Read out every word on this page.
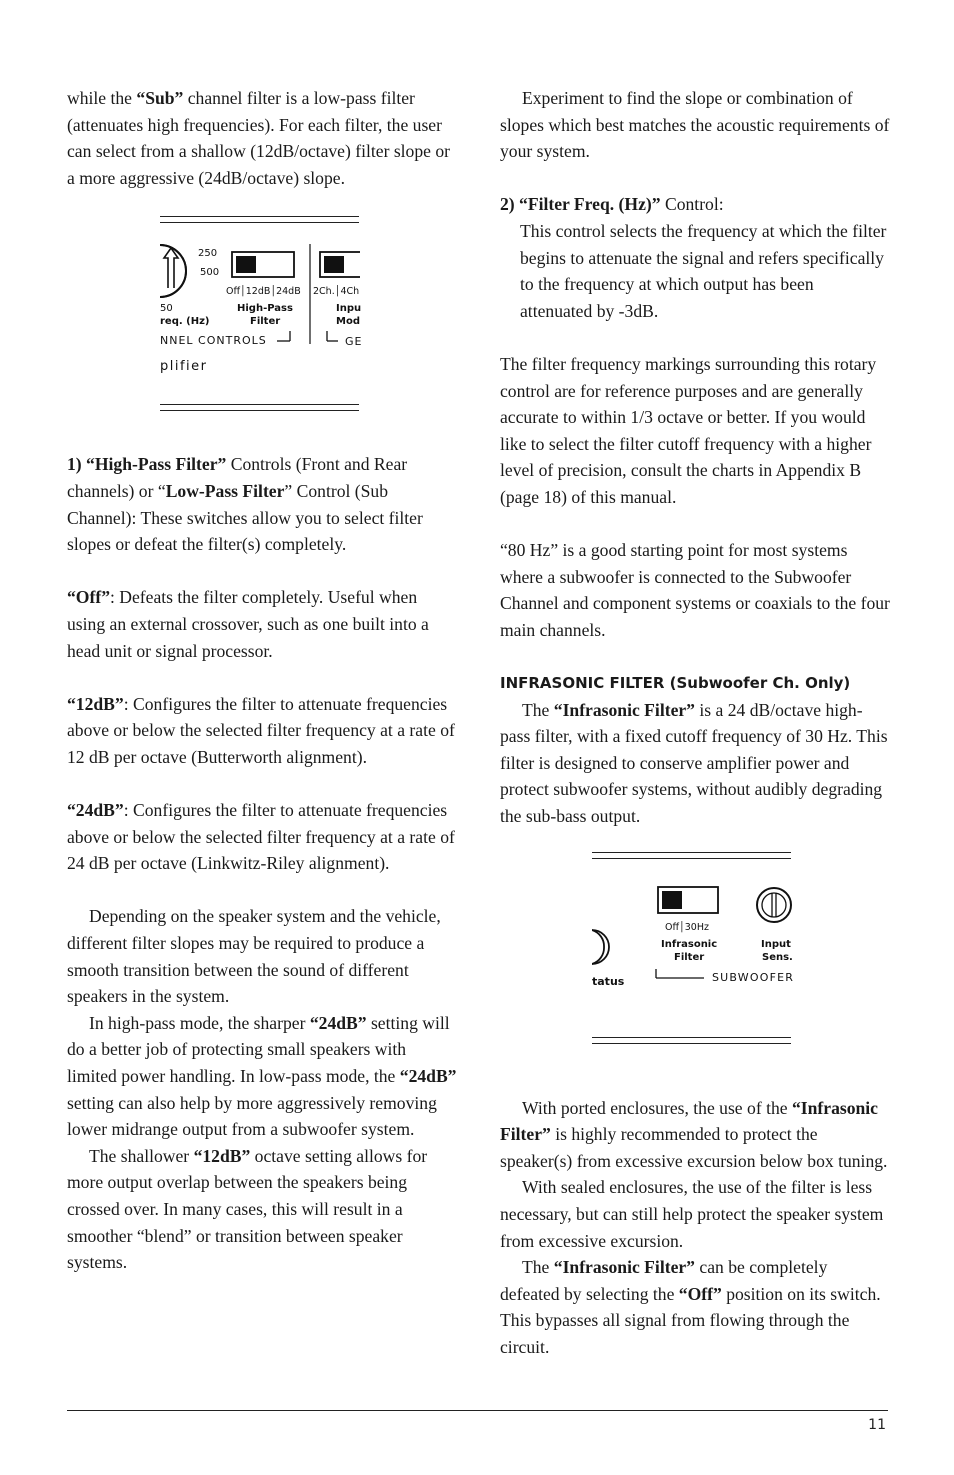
while the “Sub” channel filter is a low-pass filter (attenuates high frequencies). For each filter, the user can select from a shallow (12dB/octave) filter slope or a more aggressive (24dB/octave) slope.

1) “High-Pass Filter” Controls (Front and Rear channels) or “Low-Pass Filter” Control (Sub Channel): These switches allow you to select filter slopes or defeat the filter(s) completely.

“Off”: Defeats the filter completely. Useful when using an external crossover, such as one built into a head unit or signal processor.

“12dB”: Configures the filter to attenuate frequencies above or below the selected filter frequency at a rate of 12 dB per octave (Butterworth alignment).

“24dB”: Configures the filter to attenuate frequencies above or below the selected filter frequency at a rate of 24 dB per octave (Linkwitz-Riley alignment).

Depending on the speaker system and the vehicle, different filter slopes may be required to produce a smooth transition between the sound of different speakers in the system.

In high-pass mode, the sharper “24dB” setting will do a better job of protecting small speakers with limited power handling. In low-pass mode, the “24dB” setting can also help by more aggressively removing lower midrange output from a subwoofer system.

The shallower “12dB” octave setting allows for more output overlap between the speakers being crossed over. In many cases, this will result in a smoother “blend” or transition between speaker systems.

250
500
50
req. (Hz)
Off│12dB│24dB
High-Pass
Filter
2Ch.│4Ch
Inpu
Mod
NNEL CONTROLS	GE
plifier

Experiment to find the slope or combination of slopes which best matches the acoustic requirements of your system.

2) “Filter Freq. (Hz)” Control:

This control selects the frequency at which the filter begins to attenuate the signal and refers specifically to the frequency at which output has been attenuated by -3dB.

The filter frequency markings surrounding this rotary control are for reference purposes and are generally accurate to within 1/3 octave or better. If you would like to select the filter cutoff frequency with a higher level of precision, consult the charts in Appendix B (page 18) of this manual.

“80 Hz” is a good starting point for most systems where a subwoofer is connected to the Subwoofer Channel and component systems or coaxials to the four main channels.

INFRASONIC FILTER (Subwoofer Ch. Only)

The “Infrasonic Filter” is a 24 dB/octave high-pass filter, with a fixed cutoff frequency of 30 Hz. This filter is designed to conserve amplifier power and protect subwoofer systems, without audibly degrading the sub-bass output.

With ported enclosures, the use of the “Infrasonic Filter” is highly recommended to protect the speaker(s) from excessive excursion below box tuning.

With sealed enclosures, the use of the filter is less necessary, but can still help protect the speaker system from excessive excursion.

The “Infrasonic Filter” can be completely defeated by selecting the “Off” position on its switch. This bypasses all signal from flowing through the circuit.

tatus
Off│30Hz
Infrasonic
Filter
Input
Sens.
SUBWOOFER
11
